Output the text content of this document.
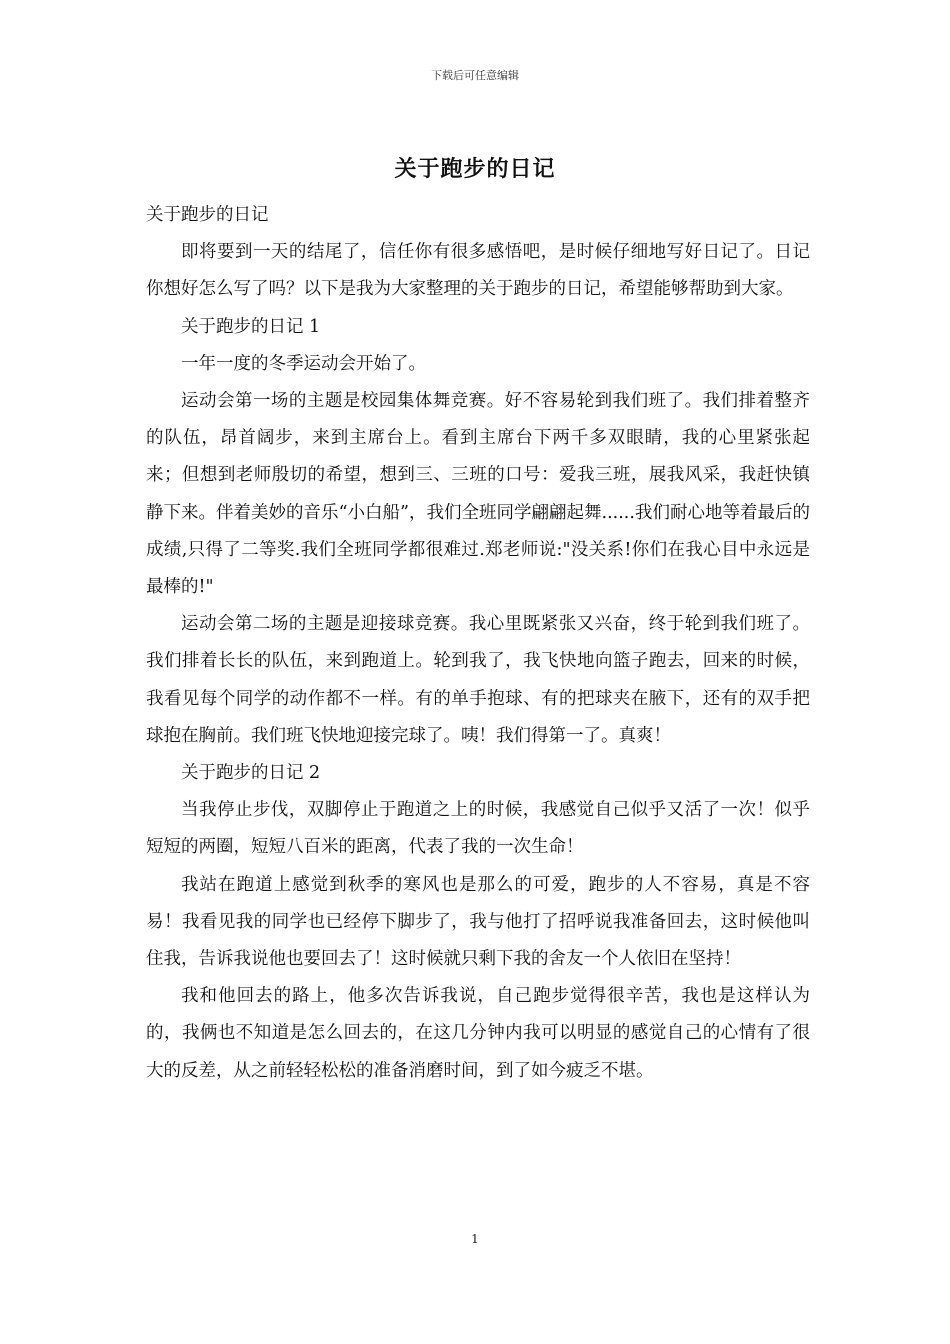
下载后可任意编辑
关于跑步的日记

关于跑步的日记

即将要到一天的结尾了，信任你有很多感悟吧，是时候仔细地写好日记了。日记你想好怎么写了吗？以下是我为大家整理的关于跑步的日记，希望能够帮助到大家。

关于跑步的日记 1

一年一度的冬季运动会开始了。

运动会第一场的主题是校园集体舞竞赛。好不容易轮到我们班了。我们排着整齐的队伍，昂首阔步，来到主席台上。看到主席台下两千多双眼睛，我的心里紧张起来；但想到老师殷切的希望，想到三、三班的口号：爱我三班，展我风采，我赶快镇静下来。伴着美妙的音乐“小白船”，我们全班同学翩翩起舞......我们耐心地等着最后的成绩,只得了二等奖.我们全班同学都很难过.郑老师说:"没关系!你们在我心目中永远是最棒的!"

运动会第二场的主题是迎接球竞赛。我心里既紧张又兴奋，终于轮到我们班了。我们排着长长的队伍，来到跑道上。轮到我了，我飞快地向篮子跑去，回来的时候，我看见每个同学的动作都不一样。有的单手抱球、有的把球夹在腋下，还有的双手把球抱在胸前。我们班飞快地迎接完球了。咦！我们得第一了。真爽！

关于跑步的日记 2

当我停止步伐，双脚停止于跑道之上的时候，我感觉自己似乎又活了一次！似乎短短的两圈，短短八百米的距离，代表了我的一次生命！

我站在跑道上感觉到秋季的寒风也是那么的可爱，跑步的人不容易，真是不容易！我看见我的同学也已经停下脚步了，我与他打了招呼说我准备回去，这时候他叫住我，告诉我说他也要回去了！这时候就只剩下我的舍友一个人依旧在坚持！

我和他回去的路上，他多次告诉我说，自己跑步觉得很辛苦，我也是这样认为的，我俩也不知道是怎么回去的，在这几分钟内我可以明显的感觉自己的心情有了很大的反差，从之前轻轻松松的准备消磨时间，到了如今疲乏不堪。

1
